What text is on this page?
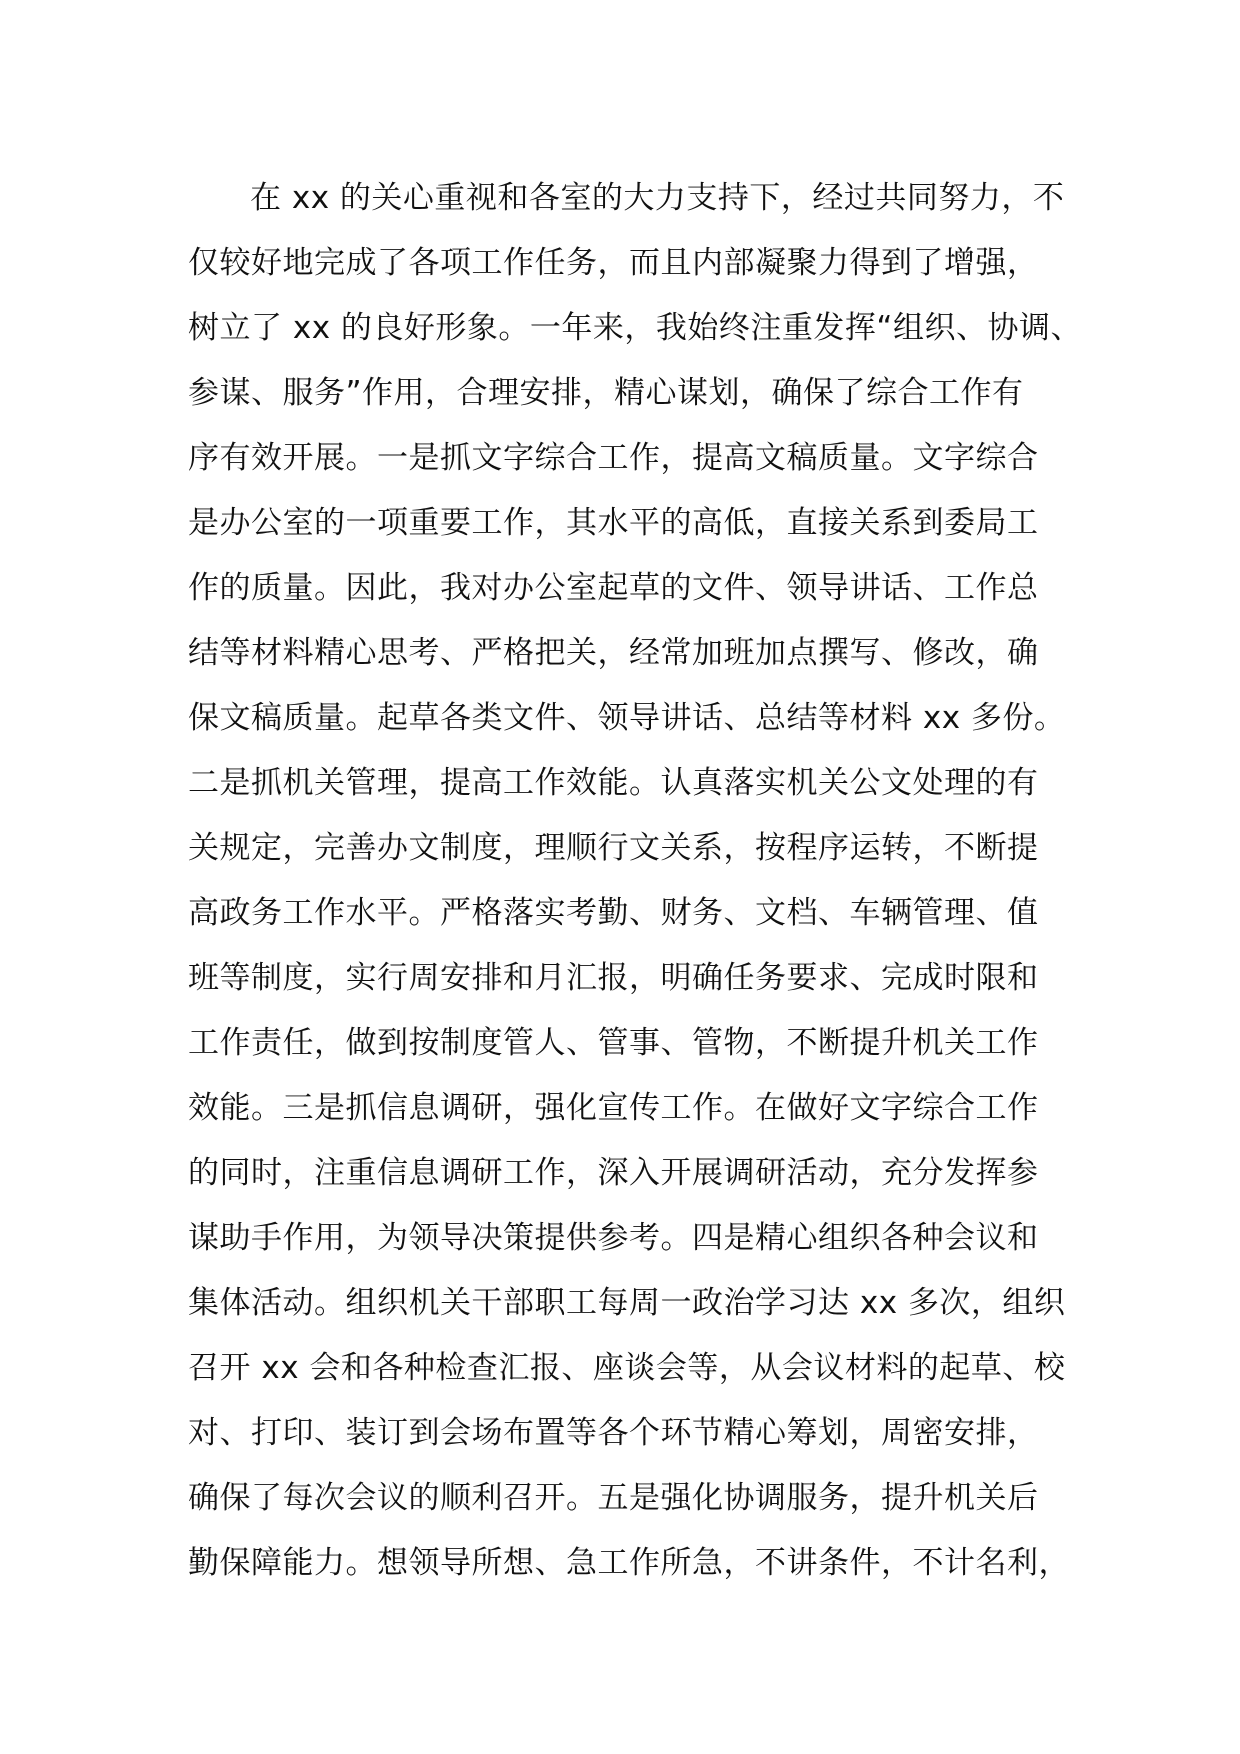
在 xx 的关心重视和各室的大力支持下，经过共同努力，不
仅较好地完成了各项工作任务，而且内部凝聚力得到了增强，
树立了 xx 的良好形象。一年来，我始终注重发挥“组织、协调、
参谋、服务”作用，合理安排，精心谋划，确保了综合工作有
序有效开展。一是抓文字综合工作，提高文稿质量。文字综合
是办公室的一项重要工作，其水平的高低，直接关系到委局工
作的质量。因此，我对办公室起草的文件、领导讲话、工作总
结等材料精心思考、严格把关，经常加班加点撰写、修改，确
保文稿质量。起草各类文件、领导讲话、总结等材料 xx 多份。
二是抓机关管理，提高工作效能。认真落实机关公文处理的有
关规定，完善办文制度，理顺行文关系，按程序运转，不断提
高政务工作水平。严格落实考勤、财务、文档、车辆管理、值
班等制度，实行周安排和月汇报，明确任务要求、完成时限和
工作责任，做到按制度管人、管事、管物，不断提升机关工作
效能。三是抓信息调研，强化宣传工作。在做好文字综合工作
的同时，注重信息调研工作，深入开展调研活动，充分发挥参
谋助手作用，为领导决策提供参考。四是精心组织各种会议和
集体活动。组织机关干部职工每周一政治学习达 xx 多次，组织
召开 xx 会和各种检查汇报、座谈会等，从会议材料的起草、校
对、打印、装订到会场布置等各个环节精心筹划，周密安排，
确保了每次会议的顺利召开。五是强化协调服务，提升机关后
勤保障能力。想领导所想、急工作所急，不讲条件，不计名利，
